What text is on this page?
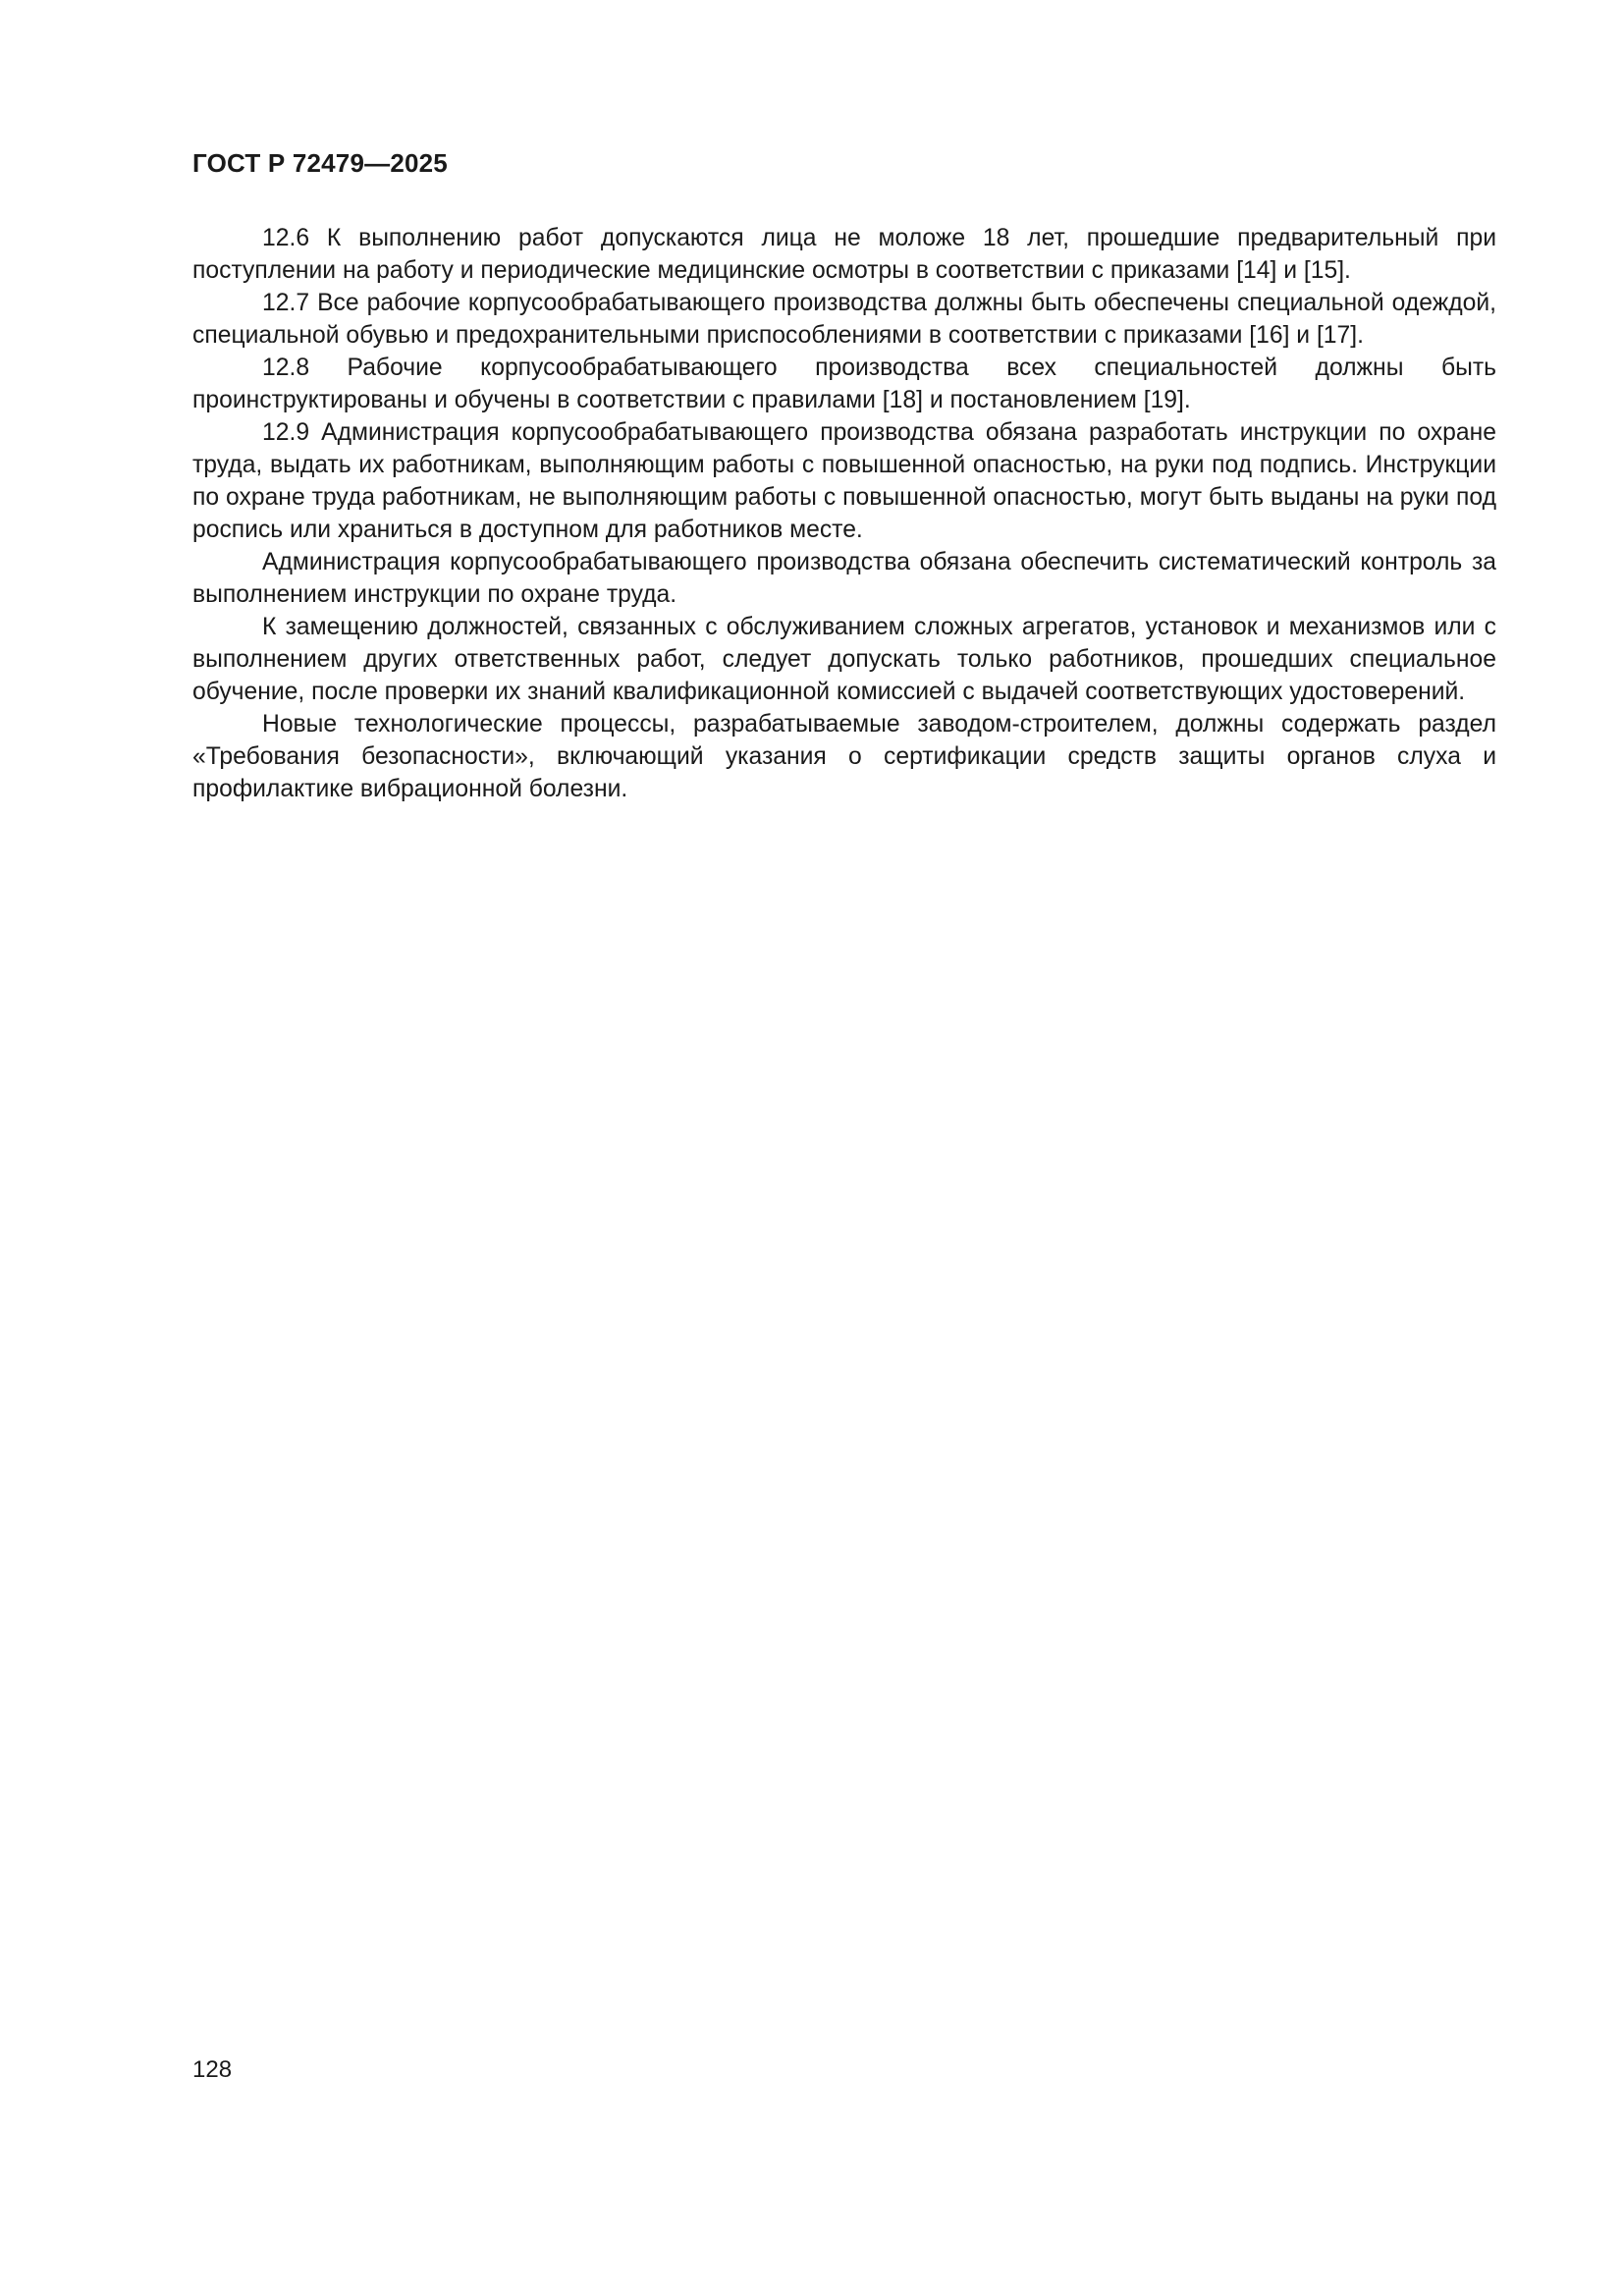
ГОСТ Р 72479—2025

12.6 К выполнению работ допускаются лица не моложе 18 лет, прошедшие предварительный при поступлении на работу и периодические медицинские осмотры в соответствии с приказами [14] и [15].

12.7 Все рабочие корпусообрабатывающего производства должны быть обеспечены специальной одеждой, специальной обувью и предохранительными приспособлениями в соответствии с приказами [16] и [17].

12.8 Рабочие корпусообрабатывающего производства всех специальностей должны быть проинструктированы и обучены в соответствии с правилами [18] и постановлением [19].

12.9 Администрация корпусообрабатывающего производства обязана разработать инструкции по охране труда, выдать их работникам, выполняющим работы с повышенной опасностью, на руки под подпись. Инструкции по охране труда работникам, не выполняющим работы с повышенной опасностью, могут быть выданы на руки под роспись или храниться в доступном для работников месте.

Администрация корпусообрабатывающего производства обязана обеспечить систематический контроль за выполнением инструкции по охране труда.

К замещению должностей, связанных с обслуживанием сложных агрегатов, установок и механизмов или с выполнением других ответственных работ, следует допускать только работников, прошедших специальное обучение, после проверки их знаний квалификационной комиссией с выдачей соответствующих удостоверений.

Новые технологические процессы, разрабатываемые заводом-строителем, должны содержать раздел «Требования безопасности», включающий указания о сертификации средств защиты органов слуха и профилактике вибрационной болезни.

128
